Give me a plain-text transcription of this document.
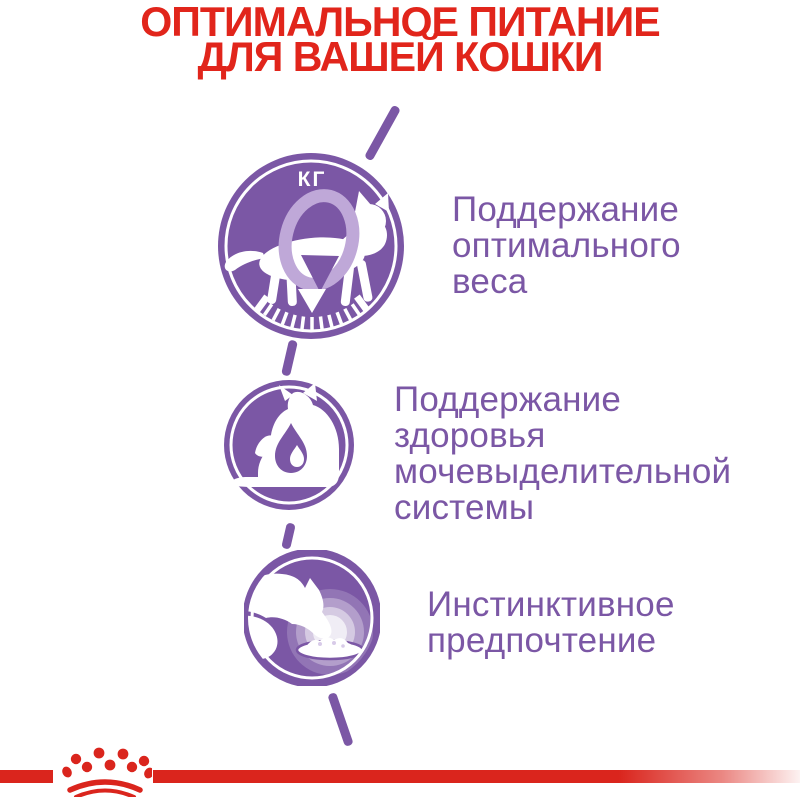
ОПТИМАЛЬНОЕ ПИТАНИЕ
ДЛЯ ВАШЕЙ КОШКИ
КГ
Поддержание
оптимального
веса
Поддержание
здоровья
мочевыделительной
системы
Инстинктивное
предпочтение
